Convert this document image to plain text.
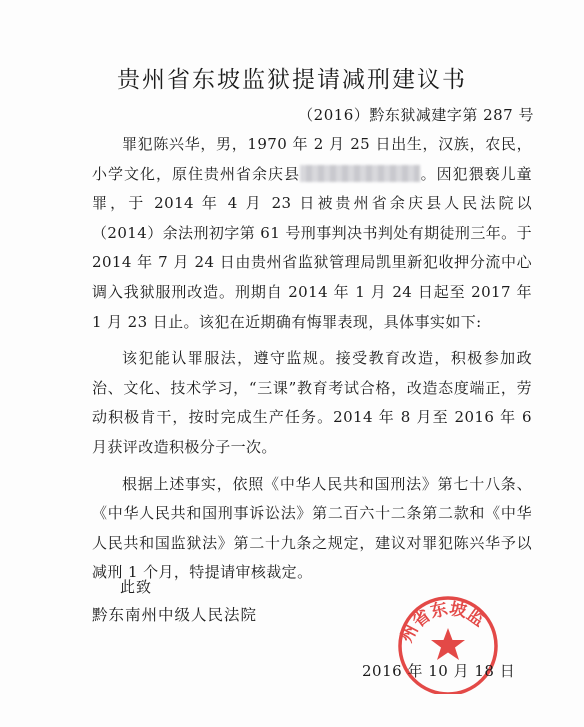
贵州省东坡监狱提请减刑建议书
（2016）黔东狱减建字第 287 号

罪犯陈兴华，男，1970 年 2 月 25 日出生，汉族，农民，小学文化，原住贵州省余庆县	。因犯猥亵儿童罪，于 2014 年 4 月 23 日被贵州省余庆县人民法院以（2014）余法刑初字第 61 号刑事判决书判处有期徒刑三年。于 2014 年 7 月 24 日由贵州省监狱管理局凯里新犯收押分流中心调入我狱服刑改造。刑期自 2014 年 1 月 24 日起至 2017 年 1 月 23 日止。该犯在近期确有悔罪表现，具体事实如下:

该犯能认罪服法，遵守监规。接受教育改造，积极参加政治、文化、技术学习，“三课”教育考试合格，改造态度端正，劳动积极肯干，按时完成生产任务。2014 年 8 月至 2016 年 6 月获评改造积极分子一次。

根据上述事实，依照《中华人民共和国刑法》第七十八条、《中华人民共和国刑事诉讼法》第二百六十二条第二款和《中华人民共和国监狱法》第二十九条之规定，建议对罪犯陈兴华予以减刑 1 个月，特提请审核裁定。

此致
黔东南州中级人民法院
州省东坡监
2016 年 10 月 18 日
